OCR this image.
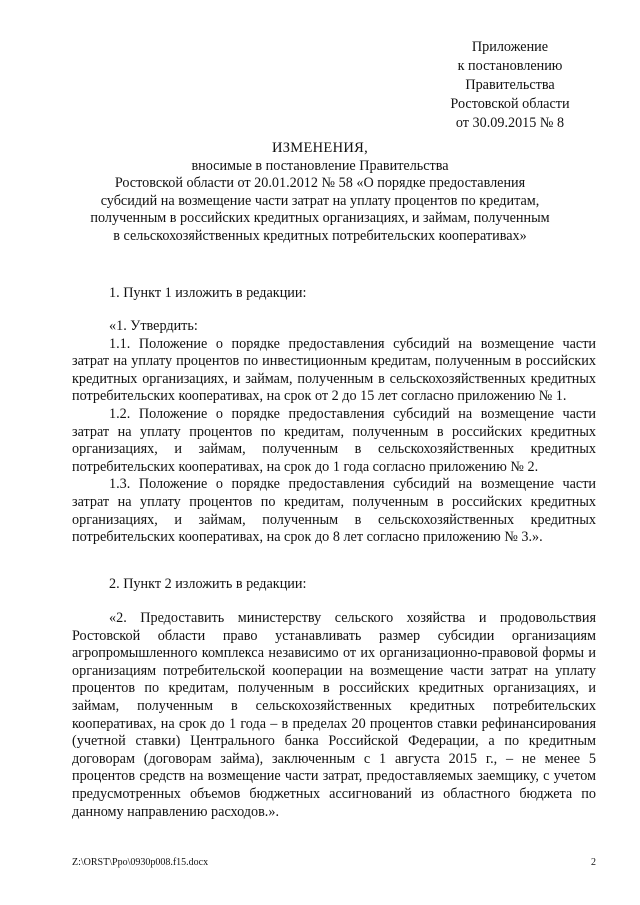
Приложение
к постановлению
Правительства
Ростовской области
от 30.09.2015 № 8
ИЗМЕНЕНИЯ,
вносимые в постановление Правительства
Ростовской области от 20.01.2012 № 58 «О порядке предоставления
субсидий на возмещение части затрат на уплату процентов по кредитам,
полученным в российских кредитных организациях, и займам, полученным
в сельскохозяйственных кредитных потребительских кооперативах»

1. Пункт 1 изложить в редакции:

«1. Утвердить:

1.1. Положение о порядке предоставления субсидий на возмещение части затрат на уплату процентов по инвестиционным кредитам, полученным в российских кредитных организациях, и займам, полученным в сельскохозяйственных кредитных потребительских кооперативах, на срок от 2 до 15 лет согласно приложению № 1.

1.2. Положение о порядке предоставления субсидий на возмещение части затрат на уплату процентов по кредитам, полученным в российских кредитных организациях, и займам, полученным в сельскохозяйственных кредитных потребительских кооперативах, на срок до 1 года согласно приложению № 2.

1.3. Положение о порядке предоставления субсидий на возмещение части затрат на уплату процентов по кредитам, полученным в российских кредитных организациях, и займам, полученным в сельскохозяйственных кредитных потребительских кооперативах, на срок до 8 лет согласно приложению № 3.».

2. Пункт 2 изложить в редакции:

«2. Предоставить министерству сельского хозяйства и продовольствия Ростовской области право устанавливать размер субсидии организациям агропромышленного комплекса независимо от их организационно-правовой формы и организациям потребительской кооперации на возмещение части затрат на уплату процентов по кредитам, полученным в российских кредитных организациях, и займам, полученным в сельскохозяйственных кредитных потребительских кооперативах, на срок до 1 года – в пределах 20 процентов ставки рефинансирования (учетной ставки) Центрального банка Российской Федерации, а по кредитным договорам (договорам займа), заключенным с 1 августа 2015 г., – не менее 5 процентов средств на возмещение части затрат, предоставляемых заемщику, с учетом предусмотренных объемов бюджетных ассигнований из областного бюджета по данному направлению расходов.».

Z:\ORST\Ppo\0930p008.f15.docx	2
